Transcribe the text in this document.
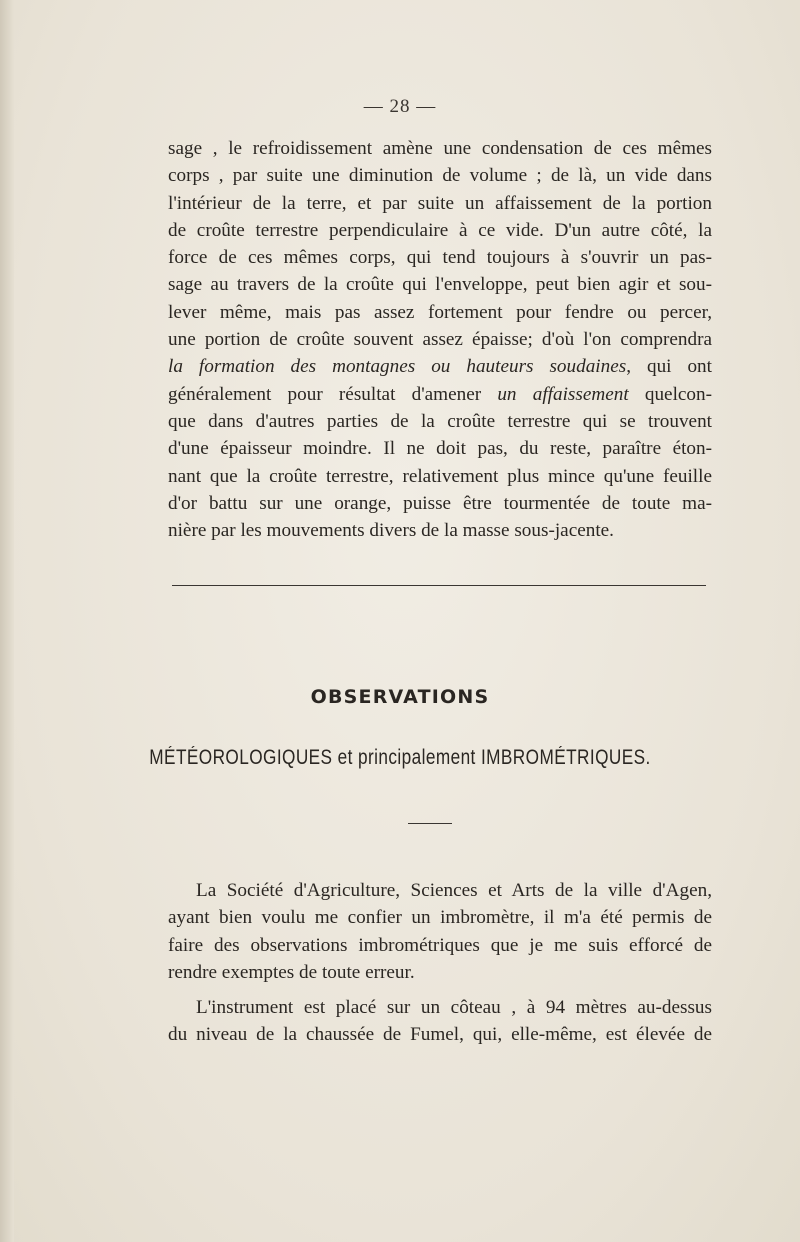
— 28 —
sage , le refroidissement amène une condensation de ces mêmes
corps , par suite une diminution de volume ; de là, un vide dans
l'intérieur de la terre, et par suite un affaissement de la portion
de croûte terrestre perpendiculaire à ce vide. D'un autre côté, la
force de ces mêmes corps, qui tend toujours à s'ouvrir un pas-
sage au travers de la croûte qui l'enveloppe, peut bien agir et sou-
lever même, mais pas assez fortement pour fendre ou percer,
une portion de croûte souvent assez épaisse; d'où l'on comprendra
la formation des montagnes ou hauteurs soudaines, qui ont
généralement pour résultat d'amener un affaissement quelcon-
que dans d'autres parties de la croûte terrestre qui se trouvent
d'une épaisseur moindre. Il ne doit pas, du reste, paraître éton-
nant que la croûte terrestre, relativement plus mince qu'une feuille
d'or battu sur une orange, puisse être tourmentée de toute ma-
nière par les mouvements divers de la masse sous-jacente.
OBSERVATIONS
MÉTÉOROLOGIQUES et principalement IMBROMÉTRIQUES.
La Société d'Agriculture, Sciences et Arts de la ville d'Agen,
ayant bien voulu me confier un imbromètre, il m'a été permis de
faire des observations imbrométriques que je me suis efforcé de
rendre exemptes de toute erreur.
L'instrument est placé sur un côteau , à 94 mètres au-dessus
du niveau de la chaussée de Fumel, qui, elle-même, est élevée de
